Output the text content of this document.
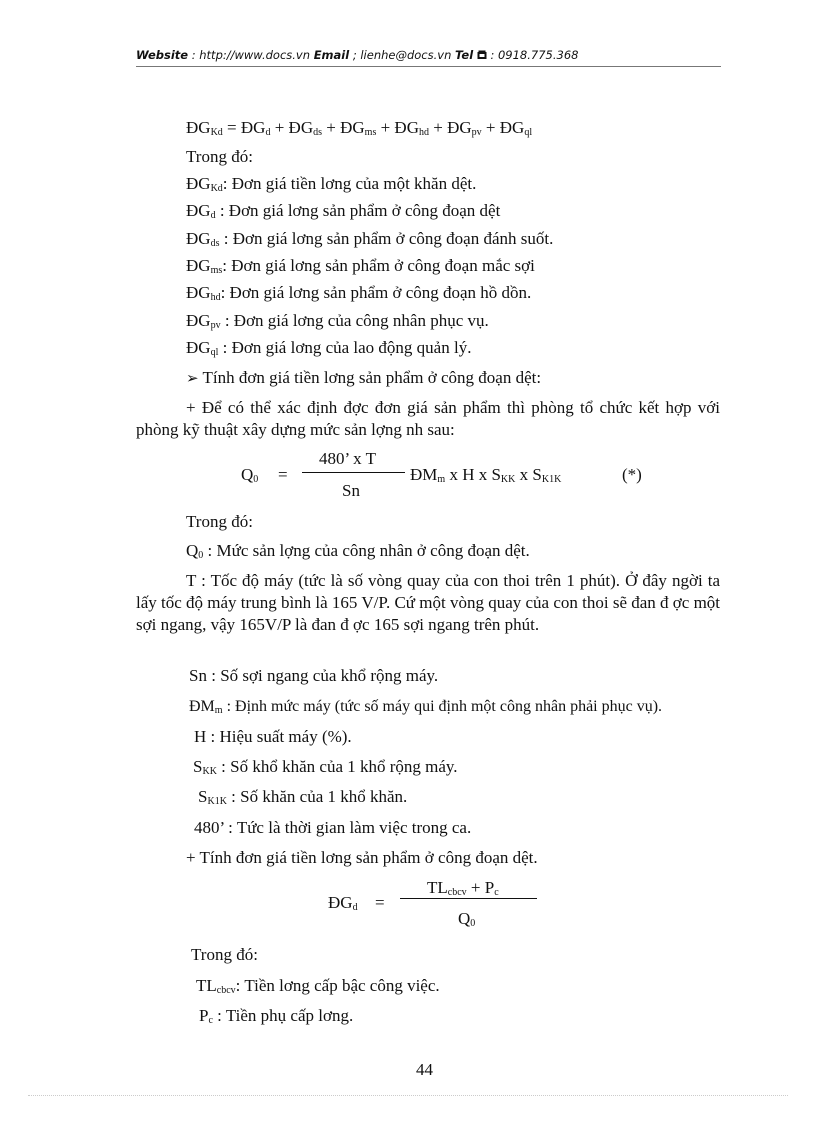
Website : http://www.docs.vn Email ; lienhe@docs.vn Tel  : 0918.775.368
$ĐG_{Kd}$ = $ĐG_d$ + $ĐG_{ds}$ + $ĐG_{ms}$ + $ĐG_{hd}$ + $ĐG_{pv}$ + $ĐG_{ql}$
Trong đó:
$ĐG_{Kd}$: Đơn giá tiền lơng của một khăn dệt.
$ĐG_d$ : Đơn giá lơng sản phẩm ở công đoạn dệt
$ĐG_{ds}$ : Đơn giá lơng sản phẩm ở công đoạn đánh suốt.
$ĐG_{ms}$: Đơn giá lơng sản phẩm ở công đoạn mắc sợi
$ĐG_{hd}$: Đơn giá lơng sản phẩm ở công đoạn hồ dồn.
$ĐG_{pv}$ : Đơn giá lơng của công nhân phục vụ.
$ĐG_{ql}$ : Đơn giá lơng của lao động quản lý.
➢ Tính đơn giá tiền lơng sản phẩm ở công đoạn dệt:
+ Để có thể xác định đợc đơn giá sản phẩm thì phòng tổ chức kết hợp với phòng kỹ thuật xây dựng mức sản lợng nh sau:
$Q_0$ =
480’ x T
Sn
$ĐM_m$ x H x $S_{KK}$ x $S_{K1K}$	(*)
Trong đó:
$Q_0$ : Mức sản lợng của công nhân ở công đoạn dệt.
T : Tốc độ máy (tức là số vòng quay của con thoi trên 1 phút). Ở đây ngời ta lấy tốc độ máy trung bình là 165 V/P. Cứ một vòng quay của con thoi sẽ đan đ ợc một sợi ngang, vậy 165V/P là đan đ ợc 165 sợi ngang trên phút.
Sn : Số sợi ngang của khổ rộng máy.
$ĐM_m$ : Định mức máy (tức số máy qui định một công nhân phải phục vụ).
H : Hiệu suất máy (%).
$S_{KK}$ : Số khổ khăn của 1 khổ rộng máy.
$S_{K1K}$ : Số khăn của 1 khổ khăn.
480’ : Tức là thời gian làm việc trong ca.
+ Tính đơn giá tiền lơng sản phẩm ở công đoạn dệt.
$ĐG_d$ =
$TL_{cbcv} + P_c$
$Q_0$
Trong đó:
$TL_{cbcv}$: Tiền lơng cấp bậc công việc.
$P_c$ : Tiền phụ cấp lơng.
44
